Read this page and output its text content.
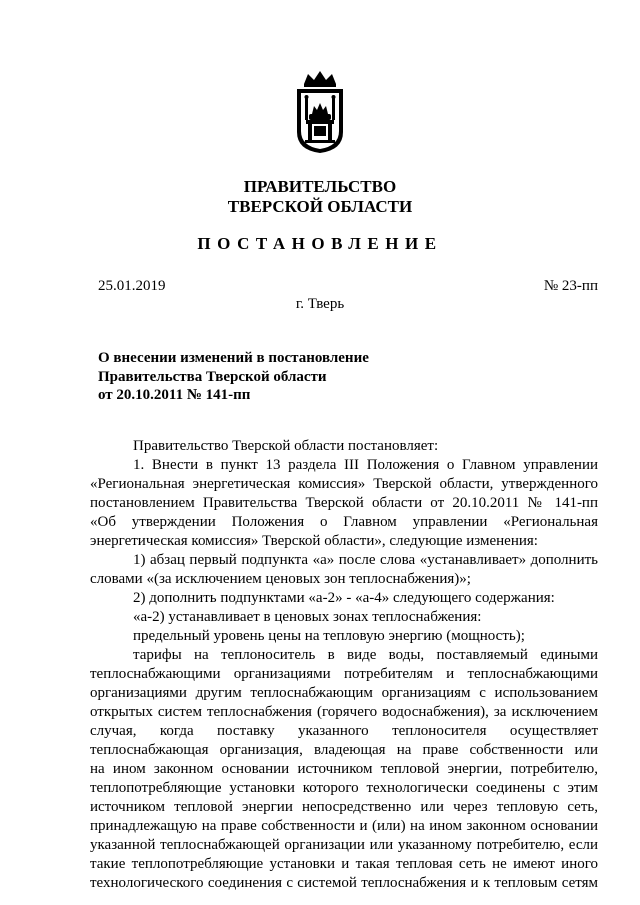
ПРАВИТЕЛЬСТВО
ТВЕРСКОЙ ОБЛАСТИ
ПОСТАНОВЛЕНИЕ
25.01.2019	№ 23-пп
г. Тверь
О внесении изменений в постановление
Правительства Тверской области
от 20.10.2011 № 141-пп
Правительство Тверской области постановляет:
1. Внести в пункт 13 раздела III Положения о Главном управлении
«Региональная энергетическая комиссия» Тверской области, утвержденного
постановлением Правительства Тверской области от 20.10.2011 № 141-пп
«Об утверждении Положения о Главном управлении «Региональная
энергетическая комиссия» Тверской области», следующие изменения:
1) абзац первый подпункта «а» после слова «устанавливает» дополнить
словами «(за исключением ценовых зон теплоснабжения)»;
2) дополнить подпунктами «а-2» - «а-4» следующего содержания:
«а-2) устанавливает в ценовых зонах теплоснабжения:
предельный уровень цены на тепловую энергию (мощность);
тарифы на теплоноситель в виде воды, поставляемый едиными
теплоснабжающими организациями потребителям и теплоснабжающими
организациями другим теплоснабжающим организациям с использованием
открытых систем теплоснабжения (горячего водоснабжения), за исключением
случая, когда поставку указанного теплоносителя осуществляет
теплоснабжающая организация, владеющая на праве собственности или
на ином законном основании источником тепловой энергии, потребителю,
теплопотребляющие установки которого технологически соединены с этим
источником тепловой энергии непосредственно или через тепловую сеть,
принадлежащую на праве собственности и (или) на ином законном основании
указанной теплоснабжающей организации или указанному потребителю, если
такие теплопотребляющие установки и такая тепловая сеть не имеют иного
технологического соединения с системой теплоснабжения и к тепловым сетям
